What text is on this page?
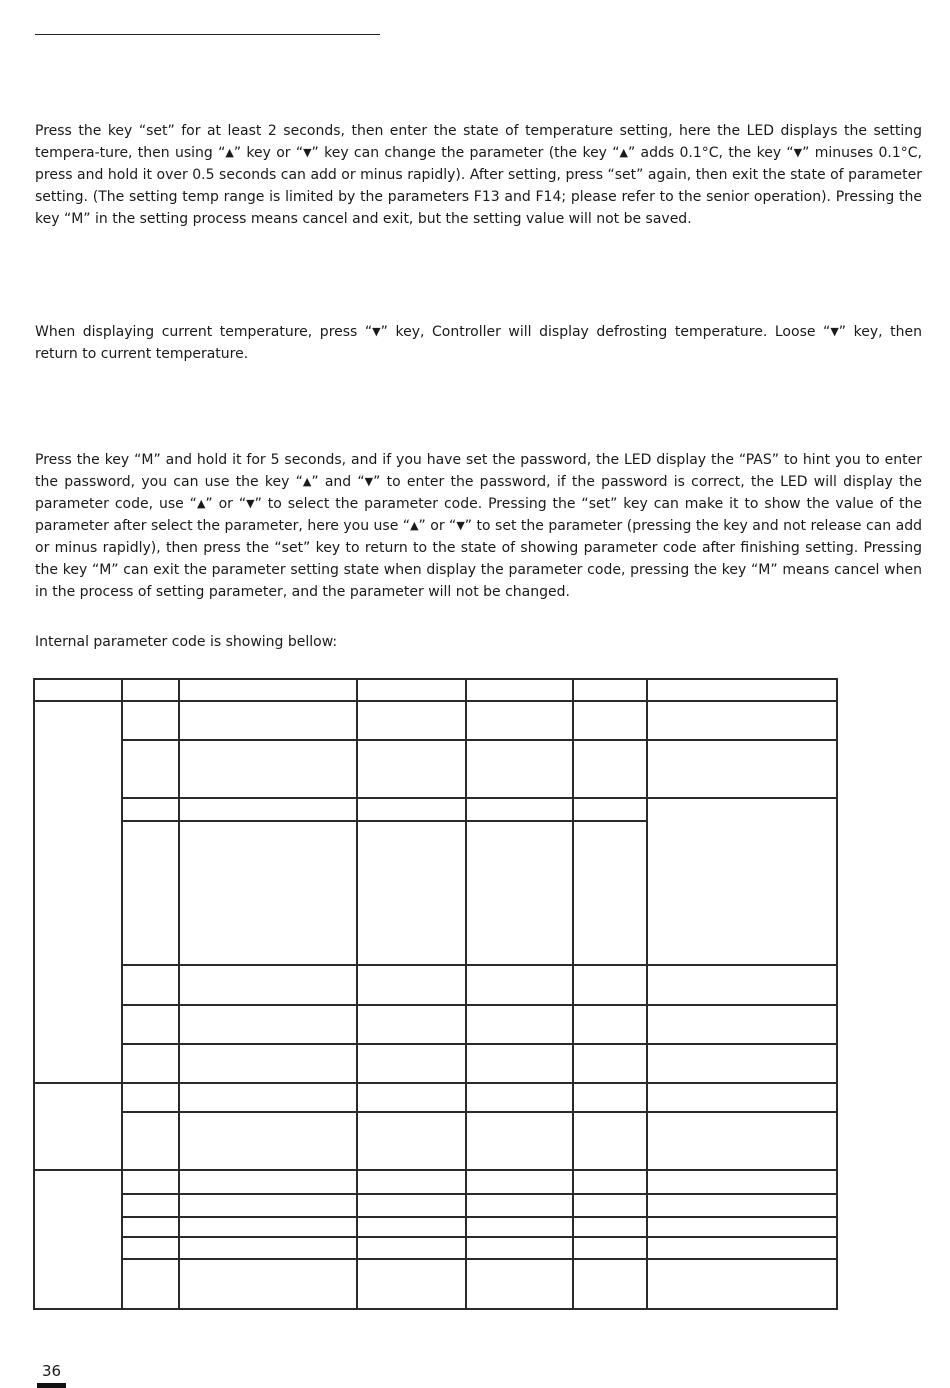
Press the key “set” for at least 2 seconds, then enter the state of temperature setting, here the LED displays the setting tempera-ture, then using “▲” key or “▼” key can change the parameter (the key “▲” adds 0.1°C, the key “▼” minuses 0.1°C, press and hold it over 0.5 seconds can add or minus rapidly). After setting, press “set” again, then exit the state of parameter setting. (The setting temp range is limited by the parameters F13 and F14; please refer to the senior operation). Pressing the key “M” in the setting process means cancel and exit, but the setting value will not be saved.

When displaying current temperature, press “▼” key, Controller will display defrosting temperature. Loose “▼” key, then return to current temperature.

Press the key “M” and hold it for 5 seconds, and if you have set the password, the LED display the “PAS” to hint you to enter the password, you can use the key “▲” and “▼” to enter the password, if the password is correct, the LED will display the parameter code, use “▲” or “▼” to select the parameter code. Pressing the “set” key can make it to show the value of the parameter after select the parameter, here you use “▲” or “▼” to set the parameter (pressing the key and not release can add or minus rapidly), then press the “set” key to return to the state of showing parameter code after finishing setting. Pressing the key “M” can exit the parameter setting state when display the parameter code, pressing the key “M” means cancel when in the process of setting parameter, and the parameter will not be changed.

Internal parameter code is showing bellow:

36
